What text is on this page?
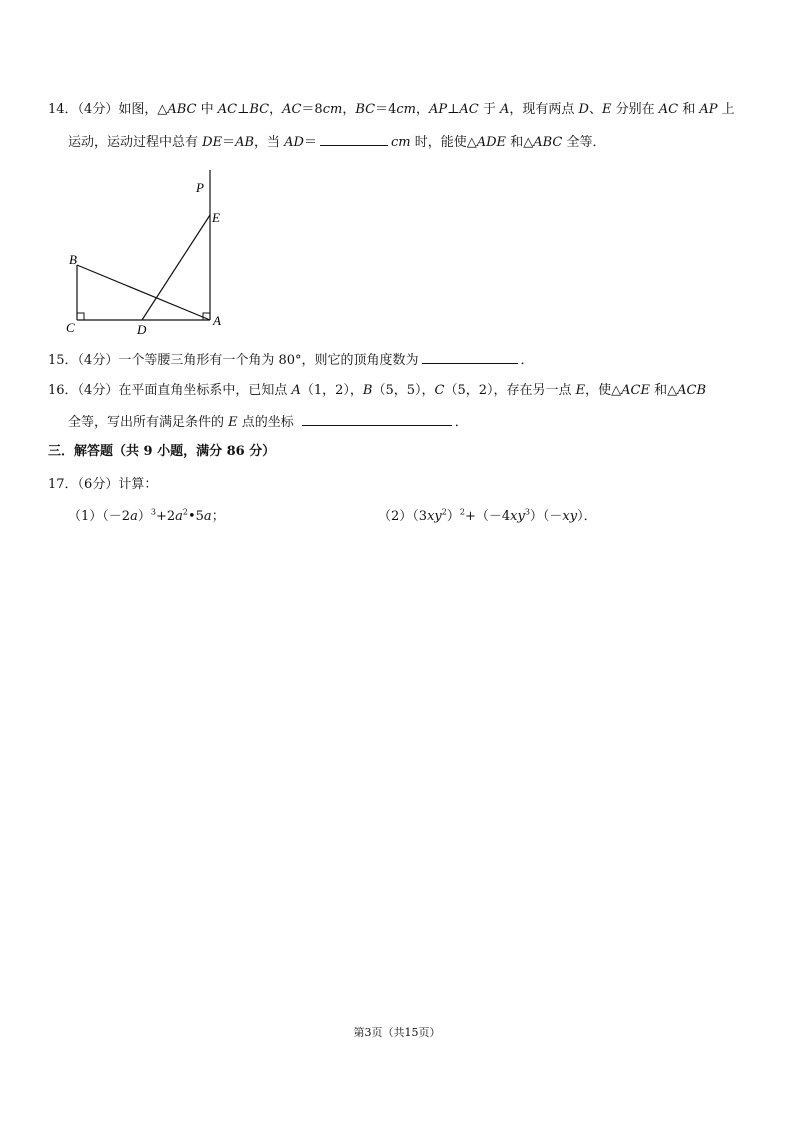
14．（4分）如图，△ABC 中 AC⊥BC，AC＝8cm，BC＝4cm，AP⊥AC 于 A，现有两点 D、E 分别在 AC 和 AP 上
运动，运动过程中总有 DE＝AB，当 AD＝	cm 时，能使△ADE 和△ABC 全等．
P
E
B
C	D
A
15．（4分）一个等腰三角形有一个角为 80°，则它的顶角度数为	．
16．（4分）在平面直角坐标系中，已知点 A（1，2），B（5，5），C（5，2），存在另一点 E，使△ACE 和△ACB
全等，写出所有满足条件的 E 点的坐标	．
三．解答题（共 9 小题，满分 86 分）
17．（6分）计算：
$(1)(-2a)^3+2a^2•5a$；	$(2)(3xy^2)^2+(-4xy^3)(-xy)$．
第3页（共15页）
